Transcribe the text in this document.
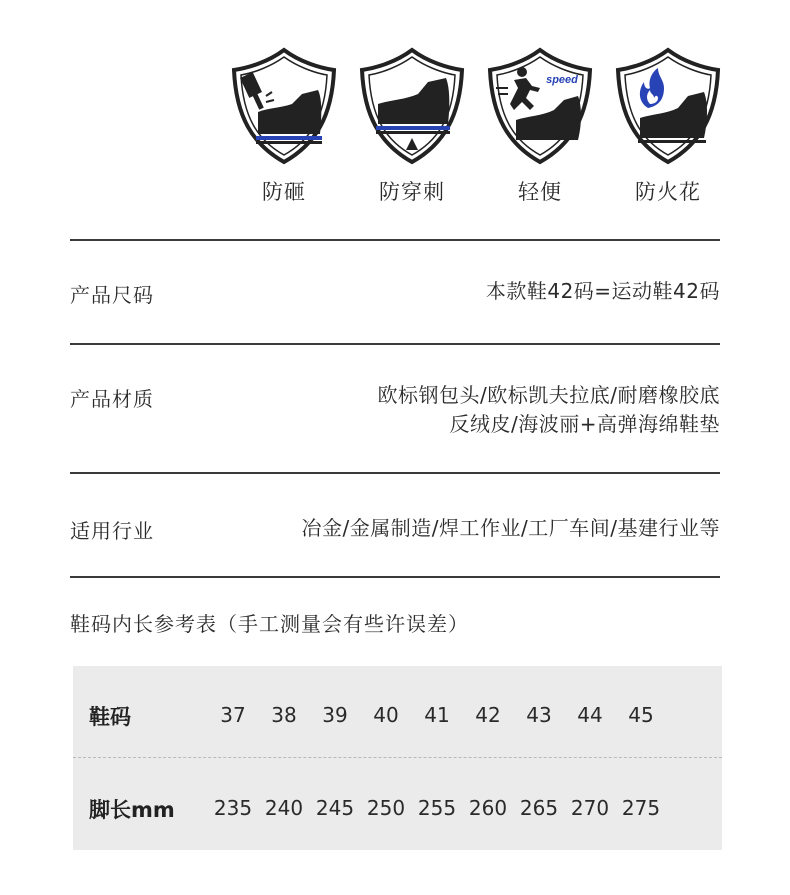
防砸	防穿刺
speed
轻便	防火花
产品尺码	本款鞋42码=运动鞋42码
产品材质	欧标钢包头/欧标凯夫拉底/耐磨橡胶底
反绒皮/海波丽+高弹海绵鞋垫
适用行业	冶金/金属制造/焊工作业/工厂车间/基建行业等
鞋码内长参考表（手工测量会有些许误差）
鞋码	37	38	39	40	41	42	43	44	45
脚长mm 235 240 245 250 255 260 265 270 275
